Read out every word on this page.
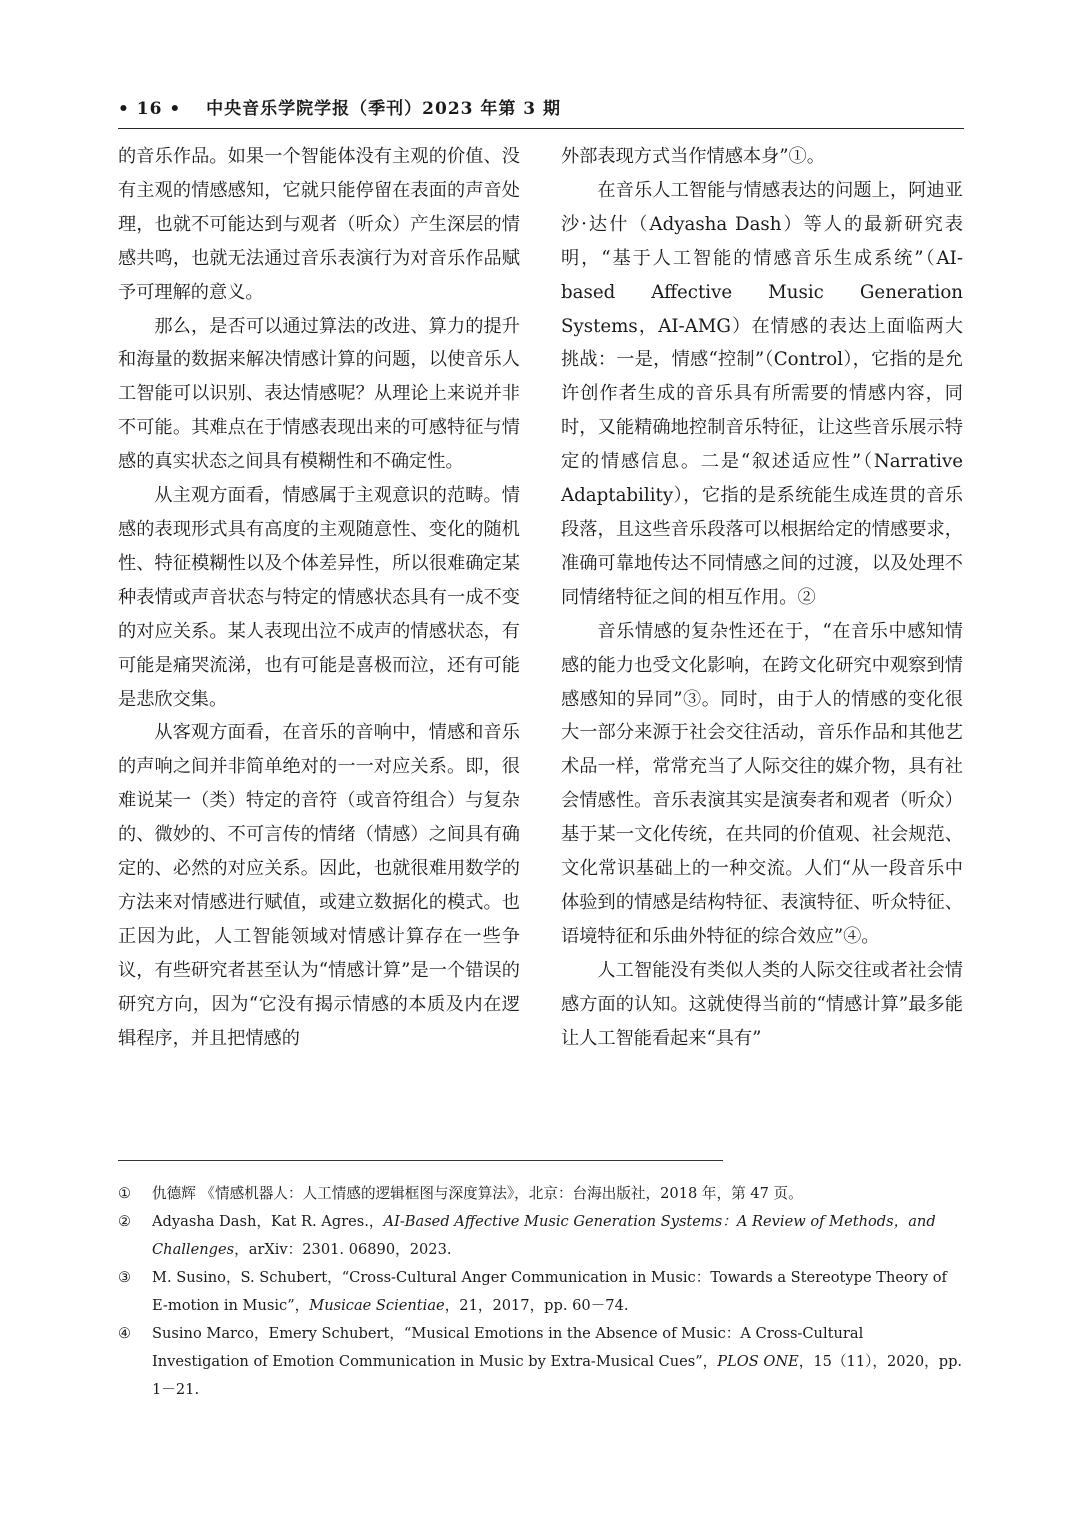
• 16 • 中央音乐学院学报（季刊）2023 年第 3 期

的音乐作品。如果一个智能体没有主观的价值、没有主观的情感感知，它就只能停留在表面的声音处理，也就不可能达到与观者（听众）产生深层的情感共鸣，也就无法通过音乐表演行为对音乐作品赋予可理解的意义。

那么，是否可以通过算法的改进、算力的提升和海量的数据来解决情感计算的问题，以使音乐人工智能可以识别、表达情感呢？从理论上来说并非不可能。其难点在于情感表现出来的可感特征与情感的真实状态之间具有模糊性和不确定性。

从主观方面看，情感属于主观意识的范畴。情感的表现形式具有高度的主观随意性、变化的随机性、特征模糊性以及个体差异性，所以很难确定某种表情或声音状态与特定的情感状态具有一成不变的对应关系。某人表现出泣不成声的情感状态，有可能是痛哭流涕，也有可能是喜极而泣，还有可能是悲欣交集。

从客观方面看，在音乐的音响中，情感和音乐的声响之间并非简单绝对的一一对应关系。即，很难说某一（类）特定的音符（或音符组合）与复杂的、微妙的、不可言传的情绪（情感）之间具有确定的、必然的对应关系。因此，也就很难用数学的方法来对情感进行赋值，或建立数据化的模式。也正因为此，人工智能领域对情感计算存在一些争议，有些研究者甚至认为“情感计算”是一个错误的研究方向，因为“它没有揭示情感的本质及内在逻辑程序，并且把情感的

外部表现方式当作情感本身”①。

在音乐人工智能与情感表达的问题上，阿迪亚沙·达什（Adyasha Dash）等人的最新研究表明，“基于人工智能的情感音乐生成系统”（AI-based Affective Music Generation Systems，AI-AMG）在情感的表达上面临两大挑战：一是，情感“控制”（Control），它指的是允许创作者生成的音乐具有所需要的情感内容，同时，又能精确地控制音乐特征，让这些音乐展示特定的情感信息。二是“叙述适应性”（Narrative Adaptability），它指的是系统能生成连贯的音乐段落，且这些音乐段落可以根据给定的情感要求，准确可靠地传达不同情感之间的过渡，以及处理不同情绪特征之间的相互作用。②

音乐情感的复杂性还在于，“在音乐中感知情感的能力也受文化影响，在跨文化研究中观察到情感感知的异同”③。同时，由于人的情感的变化很大一部分来源于社会交往活动，音乐作品和其他艺术品一样，常常充当了人际交往的媒介物，具有社会情感性。音乐表演其实是演奏者和观者（听众）基于某一文化传统，在共同的价值观、社会规范、文化常识基础上的一种交流。人们“从一段音乐中体验到的情感是结构特征、表演特征、听众特征、语境特征和乐曲外特征的综合效应”④。

人工智能没有类似人类的人际交往或者社会情感方面的认知。这就使得当前的“情感计算”最多能让人工智能看起来“具有”

①	仇德辉 《情感机器人：人工情感的逻辑框图与深度算法》，北京：台海出版社，2018 年，第 47 页。
②	Adyasha Dash，Kat R. Agres.，AI-Based Affective Music Generation Systems：A Review of Methods，and Challenges，arXiv：2301. 06890，2023.
③	M. Susino，S. Schubert，“Cross-Cultural Anger Communication in Music：Towards a Stereotype Theory of E-motion in Music”，Musicae Scientiae，21，2017，pp. 60－74.
④	Susino Marco，Emery Schubert，“Musical Emotions in the Absence of Music：A Cross-Cultural Investigation of Emotion Communication in Music by Extra-Musical Cues”，PLOS ONE，15（11），2020，pp. 1－21.
